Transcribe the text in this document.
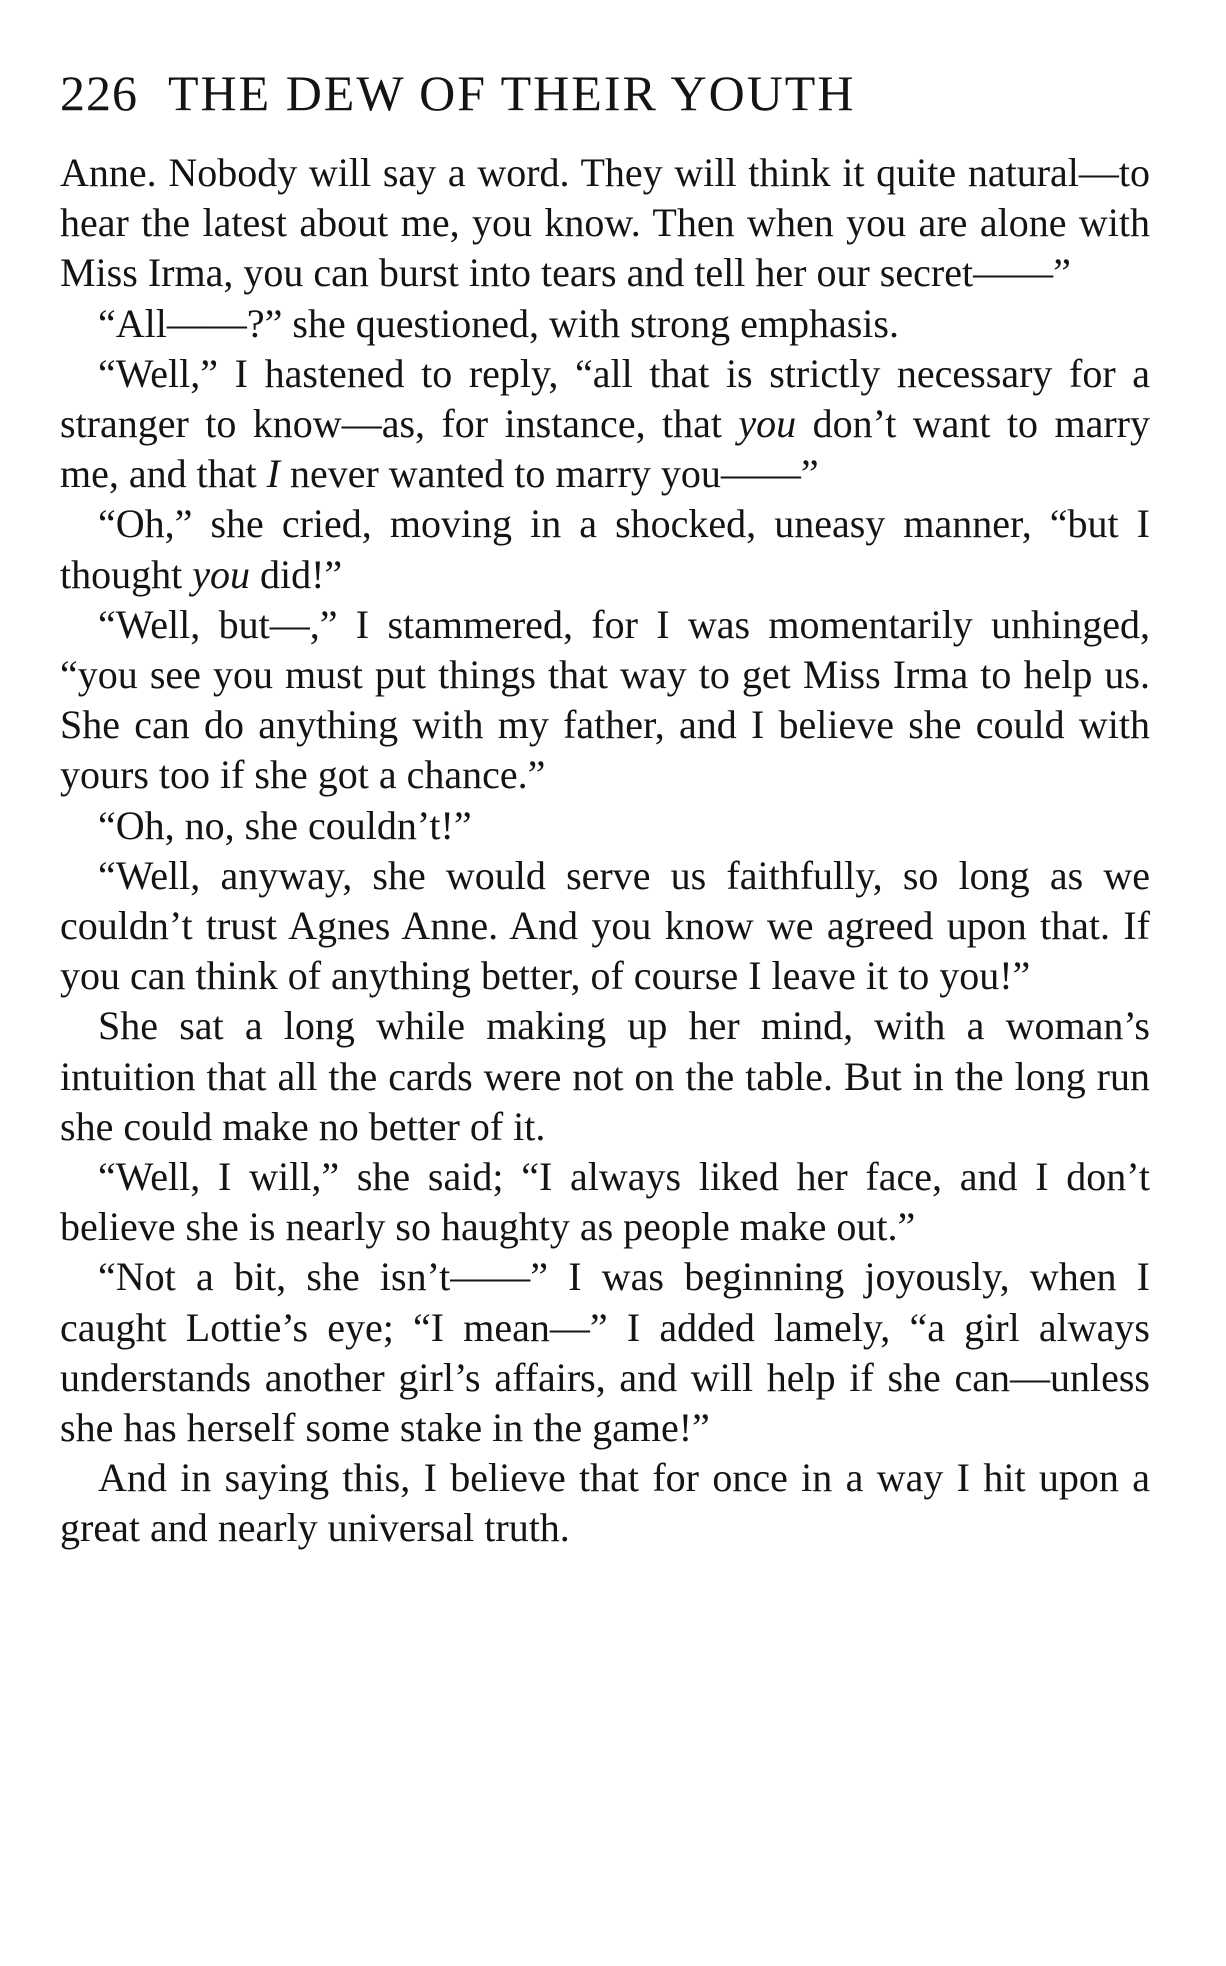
226 THE DEW OF THEIR YOUTH

Anne. Nobody will say a word. They will think it quite natural—to hear the latest about me, you know. Then when you are alone with Miss Irma, you can burst into tears and tell her our secret——”

“All——?” she questioned, with strong emphasis.

“Well,” I hastened to reply, “all that is strictly necessary for a stranger to know—as, for instance, that you don’t want to marry me, and that I never wanted to marry you——”

“Oh,” she cried, moving in a shocked, uneasy manner, “but I thought you did!”

“Well, but—,” I stammered, for I was momentarily unhinged, “you see you must put things that way to get Miss Irma to help us. She can do anything with my father, and I believe she could with yours too if she got a chance.”

“Oh, no, she couldn’t!”

“Well, anyway, she would serve us faithfully, so long as we couldn’t trust Agnes Anne. And you know we agreed upon that. If you can think of anything better, of course I leave it to you!”

She sat a long while making up her mind, with a woman’s intuition that all the cards were not on the table. But in the long run she could make no better of it.

“Well, I will,” she said; “I always liked her face, and I don’t believe she is nearly so haughty as people make out.”

“Not a bit, she isn’t——” I was beginning joyously, when I caught Lottie’s eye; “I mean—” I added lamely, “a girl always understands another girl’s affairs, and will help if she can—unless she has herself some stake in the game!”

And in saying this, I believe that for once in a way I hit upon a great and nearly universal truth.
